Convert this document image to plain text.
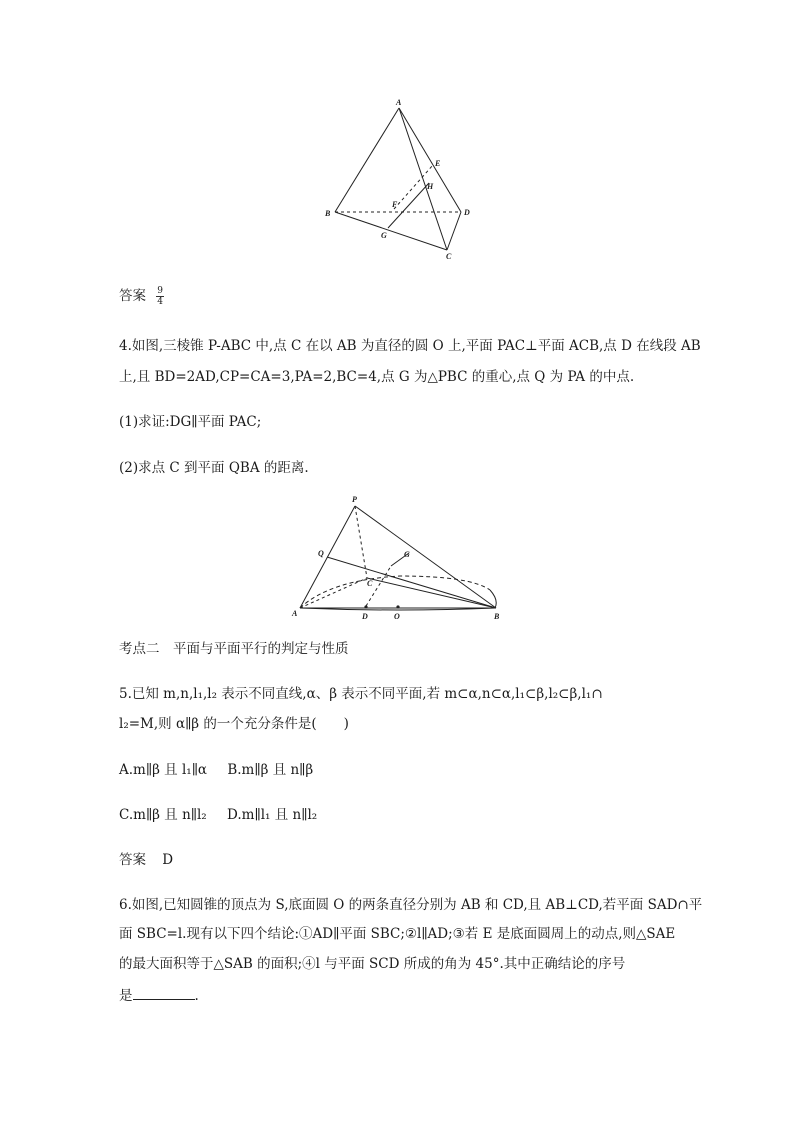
A
B
C
D
E
F
G
H
答案 $\frac{9}{4}$
4.如图,三棱锥 P-ABC 中,点 C 在以 AB 为直径的圆 O 上,平面 PAC⊥平面 ACB,点 D 在线段 AB
上,且 BD=2AD,CP=CA=3,PA=2,BC=4,点 G 为△PBC 的重心,点 Q 为 PA 的中点.
(1)求证:DG∥平面 PAC;
(2)求点 C 到平面 QBA 的距离.
P
Q	G
C
A	D	O	B
考点二　平面与平面平行的判定与性质
5.已知 m,n,l₁,l₂ 表示不同直线,α、β 表示不同平面,若 m⊂α,n⊂α,l₁⊂β,l₂⊂β,l₁∩
l₂=M,则 α∥β 的一个充分条件是(　　)
A.m∥β 且 l₁∥α B.m∥β 且 n∥β
C.m∥β 且 n∥l₂ D.m∥l₁ 且 n∥l₂
答案 D
6.如图,已知圆锥的顶点为 S,底面圆 O 的两条直径分别为 AB 和 CD,且 AB⊥CD,若平面 SAD∩平
面 SBC=l.现有以下四个结论:①AD∥平面 SBC;②l∥AD;③若 E 是底面圆周上的动点,则△SAE
的最大面积等于△SAB 的面积;④l 与平面 SCD 所成的角为 45°.其中正确结论的序号
是	.
